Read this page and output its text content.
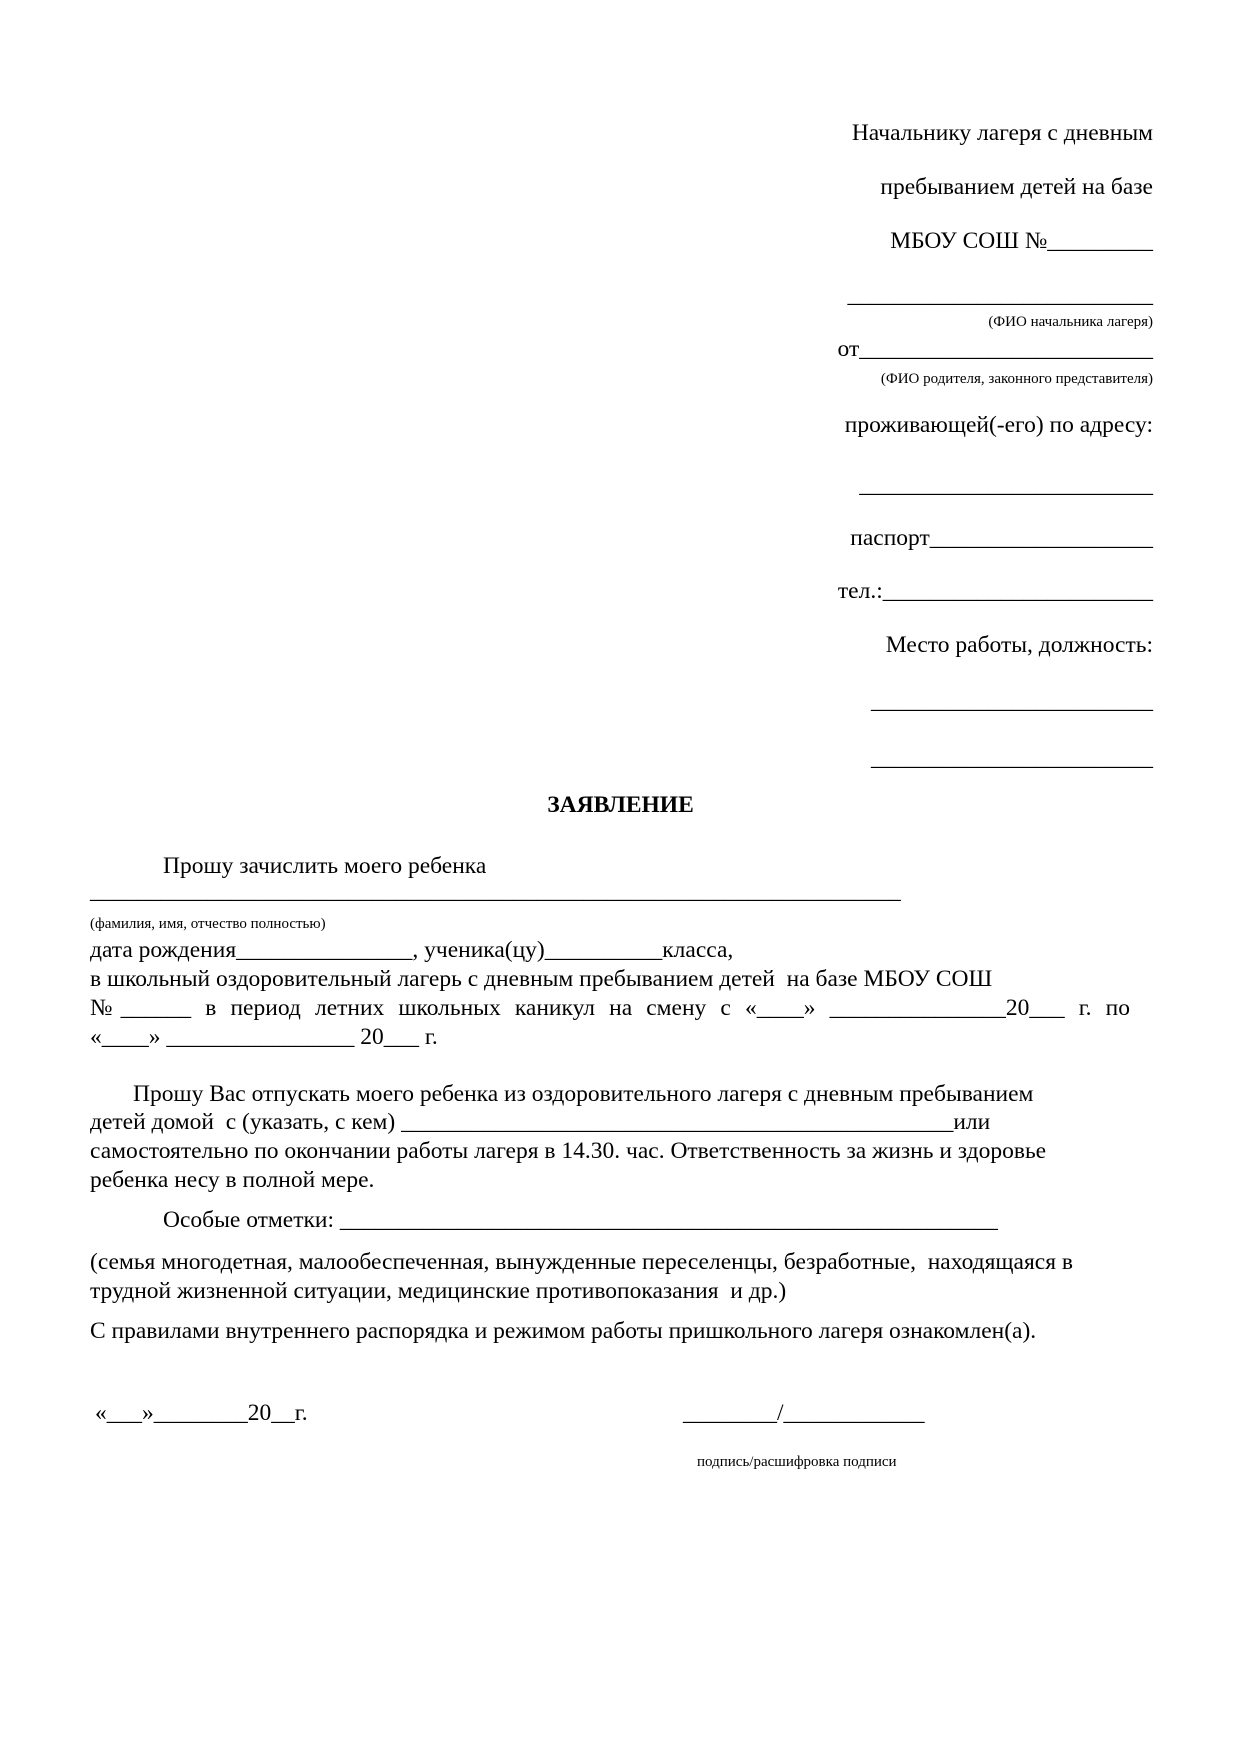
Начальнику лагеря с дневным
пребыванием детей на базе
МБОУ СОШ №_________
__________________________
(ФИО начальника лагеря)
от_________________________
(ФИО родителя, законного представителя)
проживающей(-его) по адресу:
_________________________
паспорт___________________
тел.:_______________________
Место работы, должность:
________________________
________________________
ЗАЯВЛЕНИЕ
Прошу зачислить моего ребенка
_____________________________________________________________________
(фамилия, имя, отчество полностью)
дата рождения_______________, ученика(цу)__________класса,
в школьный оздоровительный лагерь с дневным пребыванием детей  на базе МБОУ СОШ
№______ в период летних школьных каникул на смену с «____» _______________20___ г. по
«____» ________________ 20___ г.
Прошу Вас отпускать моего ребенка из оздоровительного лагеря с дневным пребыванием
детей домой  с (указать, с кем) _______________________________________________или
самостоятельно по окончании работы лагеря в 14.30. час. Ответственность за жизнь и здоровье
ребенка несу в полной мере.
Особые отметки: ________________________________________________________
(семья многодетная, малообеспеченная, вынужденные переселенцы, безработные,  находящаяся в
трудной жизненной ситуации, медицинские противопоказания  и др.)
С правилами внутреннего распорядка и режимом работы пришкольного лагеря ознакомлен(а).
«___»________20__г.	________/____________
подпись/расшифровка подписи
